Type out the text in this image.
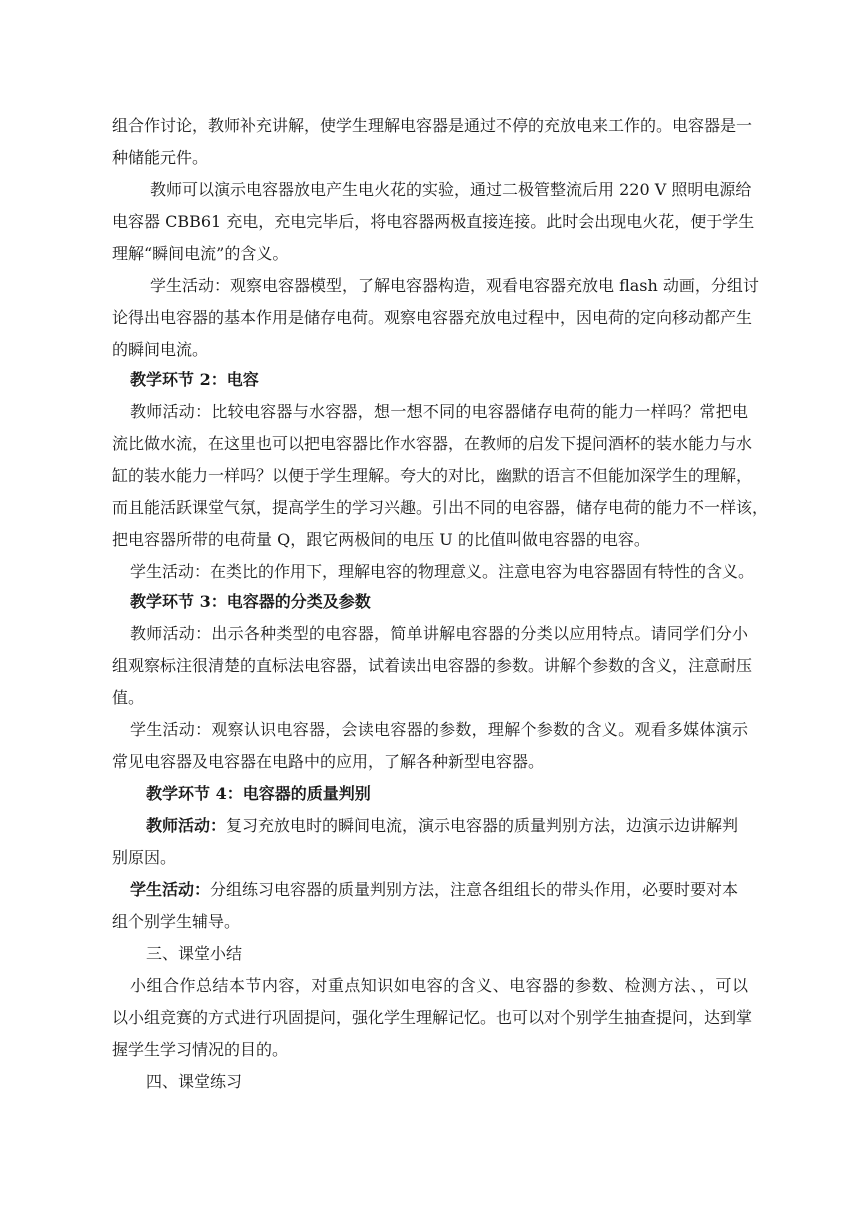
组合作讨论，教师补充讲解，使学生理解电容器是通过不停的充放电来工作的。电容器是一
种储能元件。
教师可以演示电容器放电产生电火花的实验，通过二极管整流后用 220 V 照明电源给
电容器 CBB61 充电，充电完毕后，将电容器两极直接连接。此时会出现电火花，便于学生
理解“瞬间电流”的含义。
学生活动：观察电容器模型，了解电容器构造，观看电容器充放电 flash 动画，分组讨
论得出电容器的基本作用是储存电荷。观察电容器充放电过程中，因电荷的定向移动都产生
的瞬间电流。
教学环节 2：电容
教师活动：比较电容器与水容器，想一想不同的电容器储存电荷的能力一样吗？常把电
流比做水流，在这里也可以把电容器比作水容器，在教师的启发下提问酒杯的装水能力与水
缸的装水能力一样吗？以便于学生理解。夸大的对比，幽默的语言不但能加深学生的理解，
而且能活跃课堂气氛，提高学生的学习兴趣。引出不同的电容器，储存电荷的能力不一样该，
把电容器所带的电荷量 Q，跟它两极间的电压 U 的比值叫做电容器的电容。
学生活动：在类比的作用下，理解电容的物理意义。注意电容为电容器固有特性的含义。
教学环节 3：电容器的分类及参数
教师活动：出示各种类型的电容器，简单讲解电容器的分类以应用特点。请同学们分小
组观察标注很清楚的直标法电容器，试着读出电容器的参数。讲解个参数的含义，注意耐压
值。
学生活动：观察认识电容器，会读电容器的参数，理解个参数的含义。观看多媒体演示
常见电容器及电容器在电路中的应用，了解各种新型电容器。
教学环节 4：电容器的质量判别
教师活动：复习充放电时的瞬间电流，演示电容器的质量判别方法，边演示边讲解判
别原因。
学生活动：分组练习电容器的质量判别方法，注意各组组长的带头作用，必要时要对本
组个别学生辅导。
三、课堂小结
小组合作总结本节内容，对重点知识如电容的含义、电容器的参数、检测方法、，可以
以小组竞赛的方式进行巩固提问，强化学生理解记忆。也可以对个别学生抽查提问，达到掌
握学生学习情况的目的。
四、课堂练习
